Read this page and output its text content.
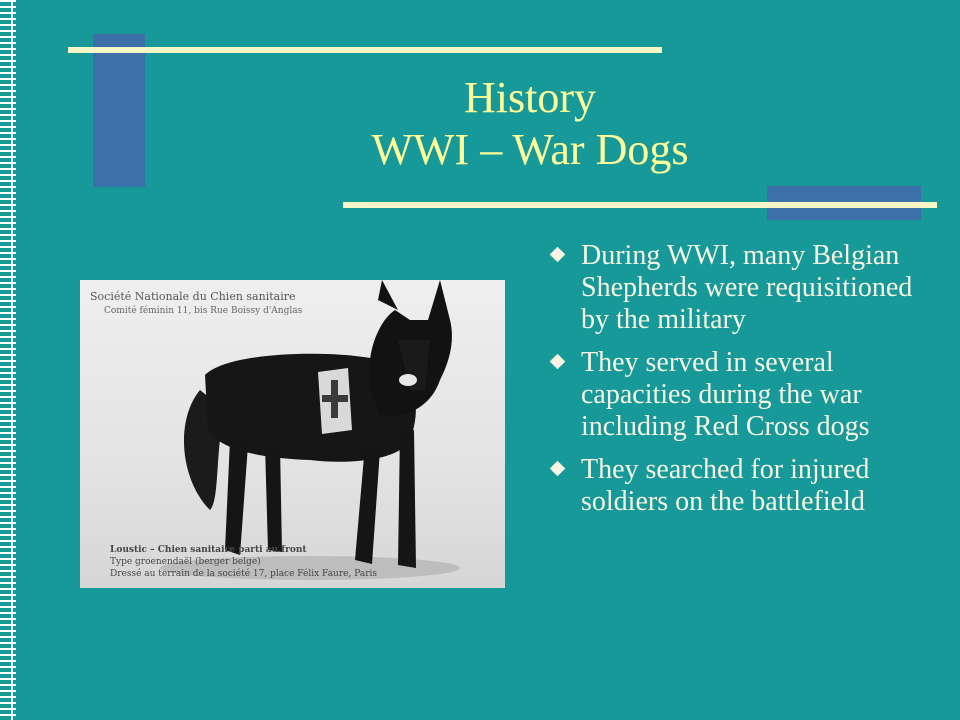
History
WWI – War Dogs
Société Nationale du Chien sanitaire
Comité féminin 11, bis Rue Boissy d'Anglas
Loustic – Chien sanitaire parti au front
Type groenendaël (berger belge)
Dressé au terrain de la société 17, place Félix Faure, Paris
During WWI, many Belgian Shepherds were requisitioned by the military
They served in several capacities during the war including Red Cross dogs
They searched for injured soldiers on the battlefield
